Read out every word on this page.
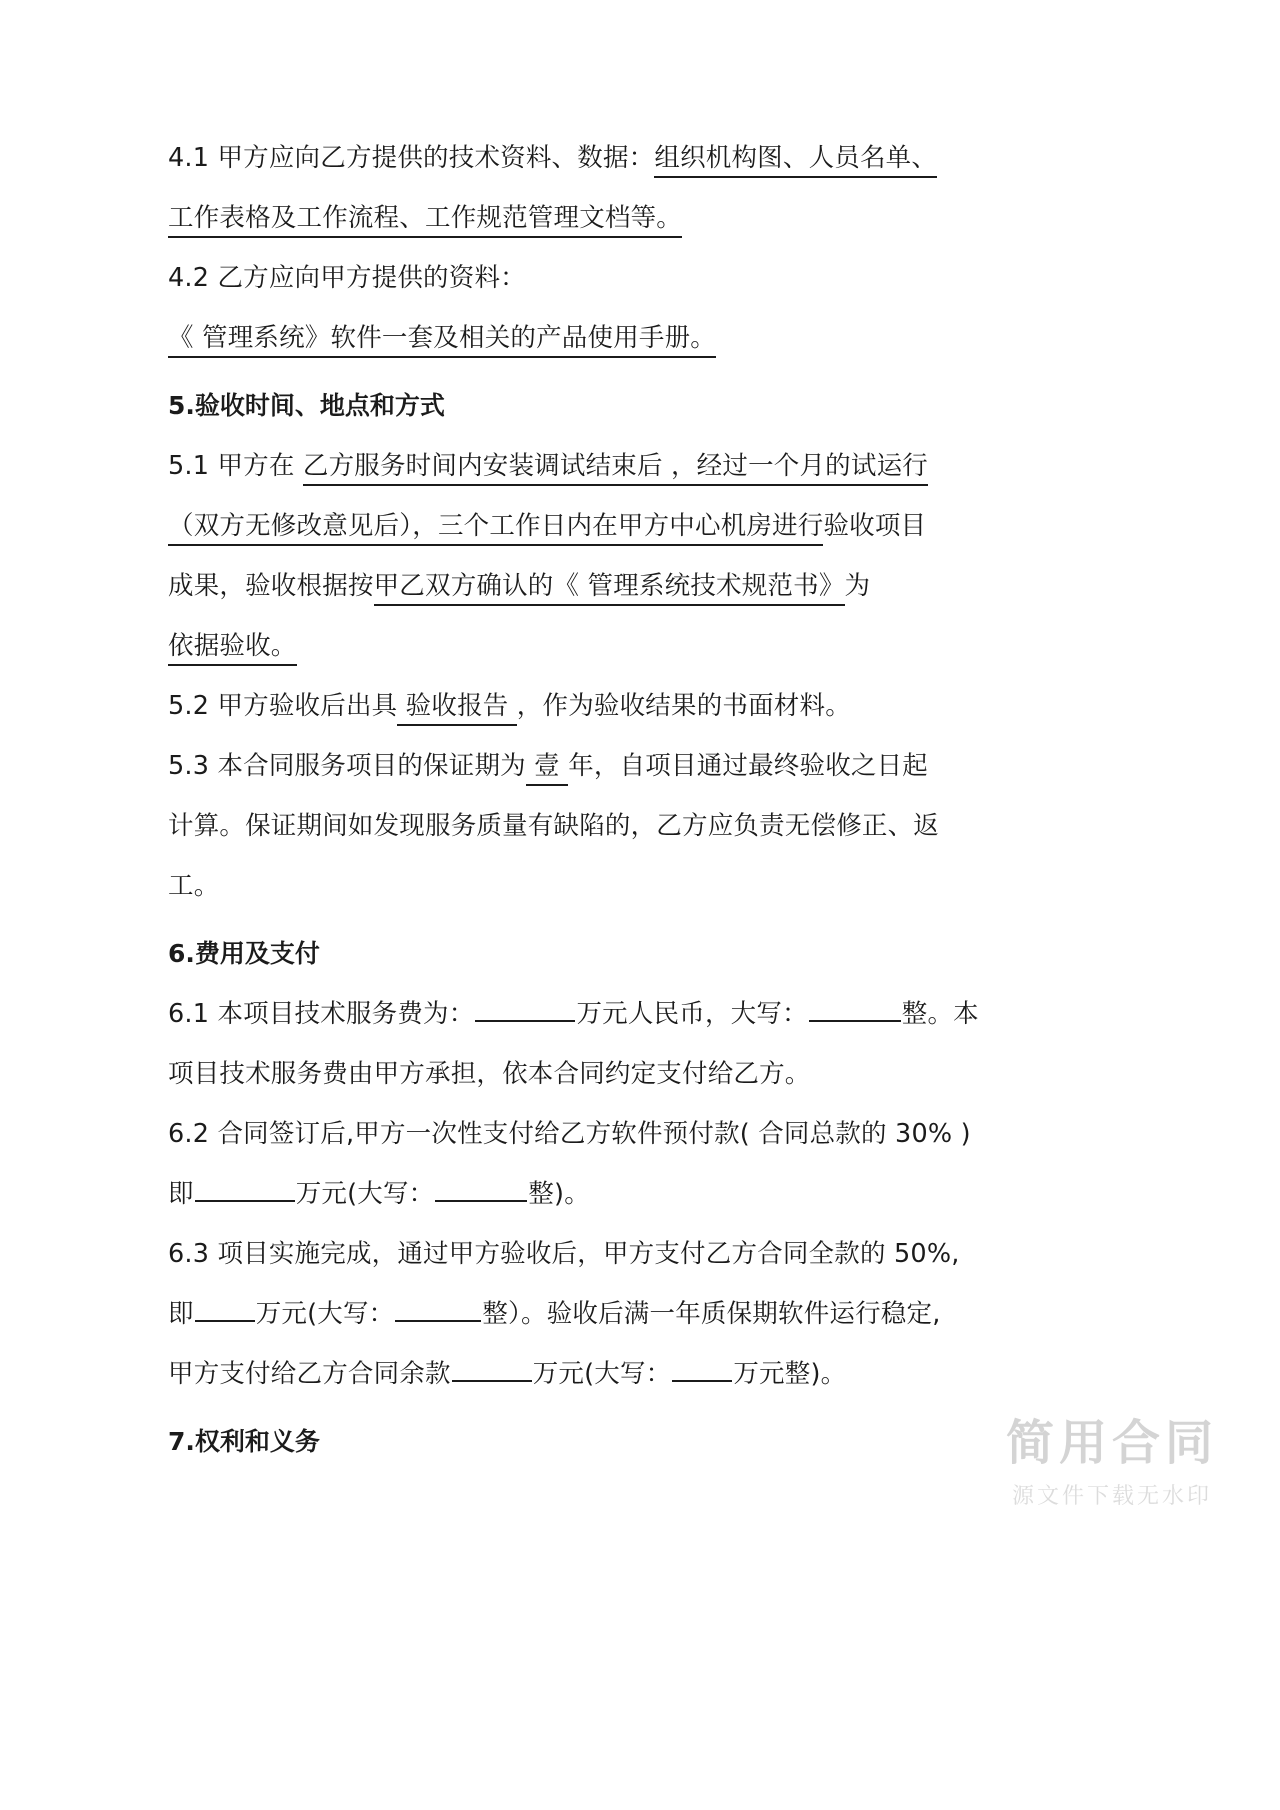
4.1 甲方应向乙方提供的技术资料、数据：组织机构图、人员名单、
工作表格及工作流程、工作规范管理文档等。
4.2 乙方应向甲方提供的资料：
《 管理系统》软件一套及相关的产品使用手册。
5.验收时间、地点和方式
5.1 甲方在 乙方服务时间内安装调试结束后 ，经过一个月的试运行
（双方无修改意见后），三个工作日内在甲方中心机房进行验收项目
成果，验收根据按甲乙双方确认的《 管理系统技术规范书》为
依据验收。
5.2 甲方验收后出具 验收报告 ，作为验收结果的书面材料。
5.3 本合同服务项目的保证期为 壹 年，自项目通过最终验收之日起
计算。保证期间如发现服务质量有缺陷的，乙方应负责无偿修正、返
工。
6.费用及支付
6.1 本项目技术服务费为：	万元人民币，大写：	整。本
项目技术服务费由甲方承担，依本合同约定支付给乙方。
6.2 合同签订后,甲方一次性支付给乙方软件预付款( 合同总款的 30% )
即	万元(大写：	整)。
6.3 项目实施完成，通过甲方验收后，甲方支付乙方合同全款的 50%,
即 万元(大写：	整）。验收后满一年质保期软件运行稳定,
甲方支付给乙方合同余款	万元(大写： 万元整)。
7.权利和义务	简用合同
源文件下载无水印
